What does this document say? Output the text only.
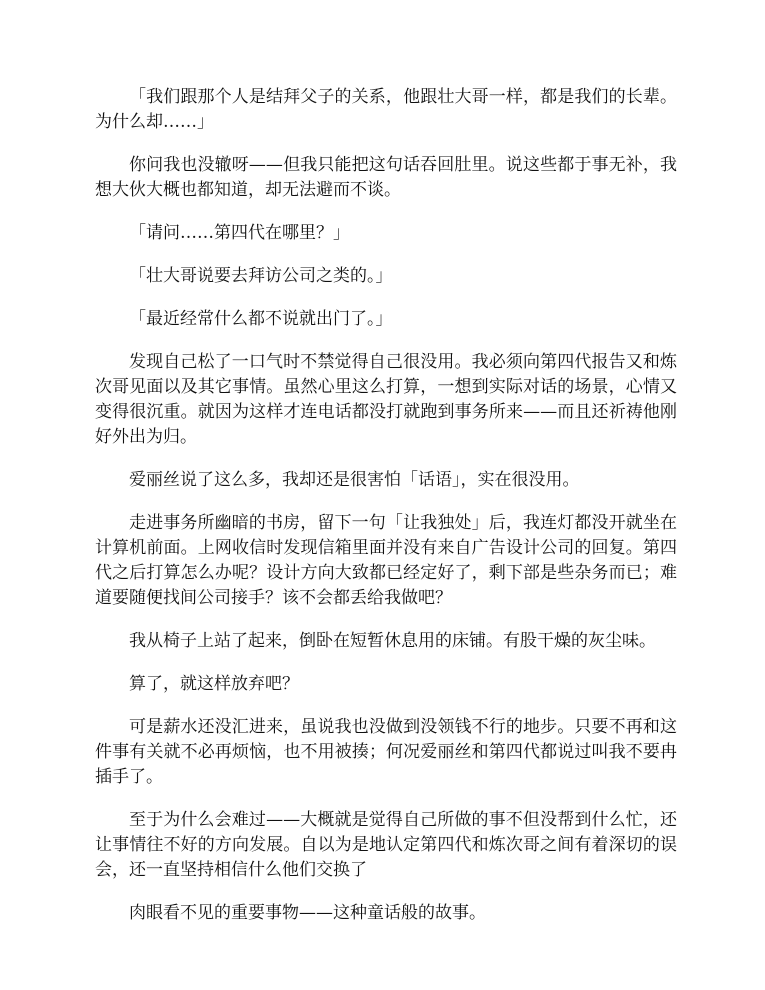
「我们跟那个人是结拜父子的关系，他跟壮大哥一样，都是我们的长辈。为什么却……」

你问我也没辙呀——但我只能把这句话吞回肚里。说这些都于事无补，我想大伙大概也都知道，却无法避而不谈。

「请问……第四代在哪里？」

「壮大哥说要去拜访公司之类的。」

「最近经常什么都不说就出门了。」

发现自己松了一口气时不禁觉得自己很没用。我必须向第四代报告又和炼次哥见面以及其它事情。虽然心里这么打算，一想到实际对话的场景，心情又变得很沉重。就因为这样才连电话都没打就跑到事务所来——而且还祈祷他刚好外出为归。

爱丽丝说了这么多，我却还是很害怕「话语」，实在很没用。

走进事务所幽暗的书房，留下一句「让我独处」后，我连灯都没开就坐在计算机前面。上网收信时发现信箱里面并没有来自广告设计公司的回复。第四代之后打算怎么办呢？设计方向大致都已经定好了，剩下部是些杂务而已；难道要随便找间公司接手？该不会都丢给我做吧？

我从椅子上站了起来，倒卧在短暂休息用的床铺。有股干燥的灰尘味。

算了，就这样放弃吧？

可是薪水还没汇进来，虽说我也没做到没领钱不行的地步。只要不再和这件事有关就不必再烦恼，也不用被揍；何况爱丽丝和第四代都说过叫我不要冉插手了。

至于为什么会难过——大概就是觉得自己所做的事不但没帮到什么忙，还让事情往不好的方向发展。自以为是地认定第四代和炼次哥之间有着深切的误会，还一直坚持相信什么他们交换了

肉眼看不见的重要事物——这种童话般的故事。
